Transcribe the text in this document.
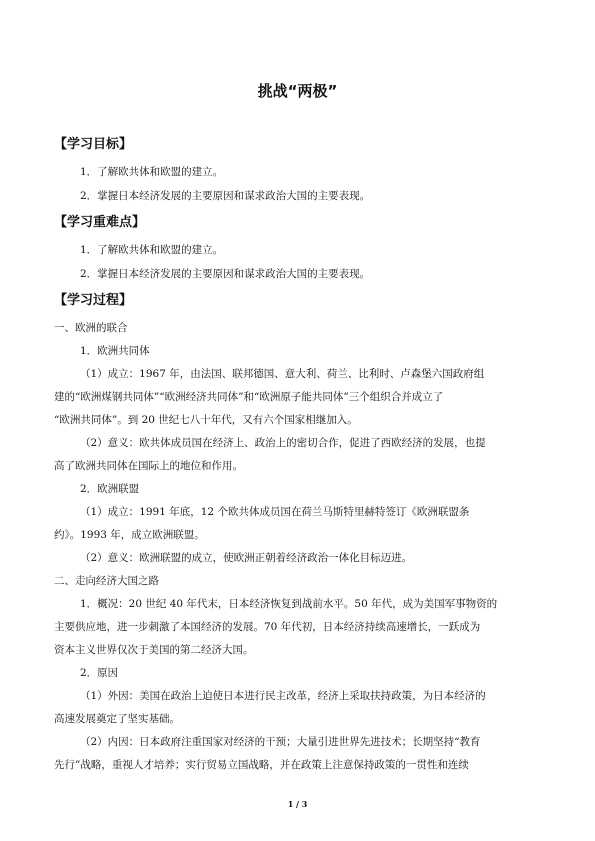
挑战“两极”
【学习目标】
1．了解欧共体和欧盟的建立。
2．掌握日本经济发展的主要原因和谋求政治大国的主要表现。
【学习重难点】
1．了解欧共体和欧盟的建立。
2．掌握日本经济发展的主要原因和谋求政治大国的主要表现。
【学习过程】
一、欧洲的联合
1．欧洲共同体
（1）成立：1967 年，由法国、联邦德国、意大利、荷兰、比利时、卢森堡六国政府组
建的“欧洲煤钢共同体”“欧洲经济共同体”和“欧洲原子能共同体”三个组织合并成立了
“欧洲共同体”。到 20 世纪七八十年代，又有六个国家相继加入。
（2）意义：欧共体成员国在经济上、政治上的密切合作，促进了西欧经济的发展，也提
高了欧洲共同体在国际上的地位和作用。
2．欧洲联盟
（1）成立：1991 年底，12 个欧共体成员国在荷兰马斯特里赫特签订《欧洲联盟条
约》。1993 年，成立欧洲联盟。
（2）意义：欧洲联盟的成立，使欧洲正朝着经济政治一体化目标迈进。
二、走向经济大国之路
1．概况：20 世纪 40 年代末，日本经济恢复到战前水平。50 年代，成为美国军事物资的
主要供应地，进一步刺激了本国经济的发展。70 年代初，日本经济持续高速增长，一跃成为
资本主义世界仅次于美国的第二经济大国。
2．原因
（1）外因：美国在政治上迫使日本进行民主改革，经济上采取扶持政策，为日本经济的
高速发展奠定了坚实基础。
（2）内因：日本政府注重国家对经济的干预；大量引进世界先进技术；长期坚持“教育
先行”战略，重视人才培养；实行贸易立国战略，并在政策上注意保持政策的一贯性和连续
1 / 3
